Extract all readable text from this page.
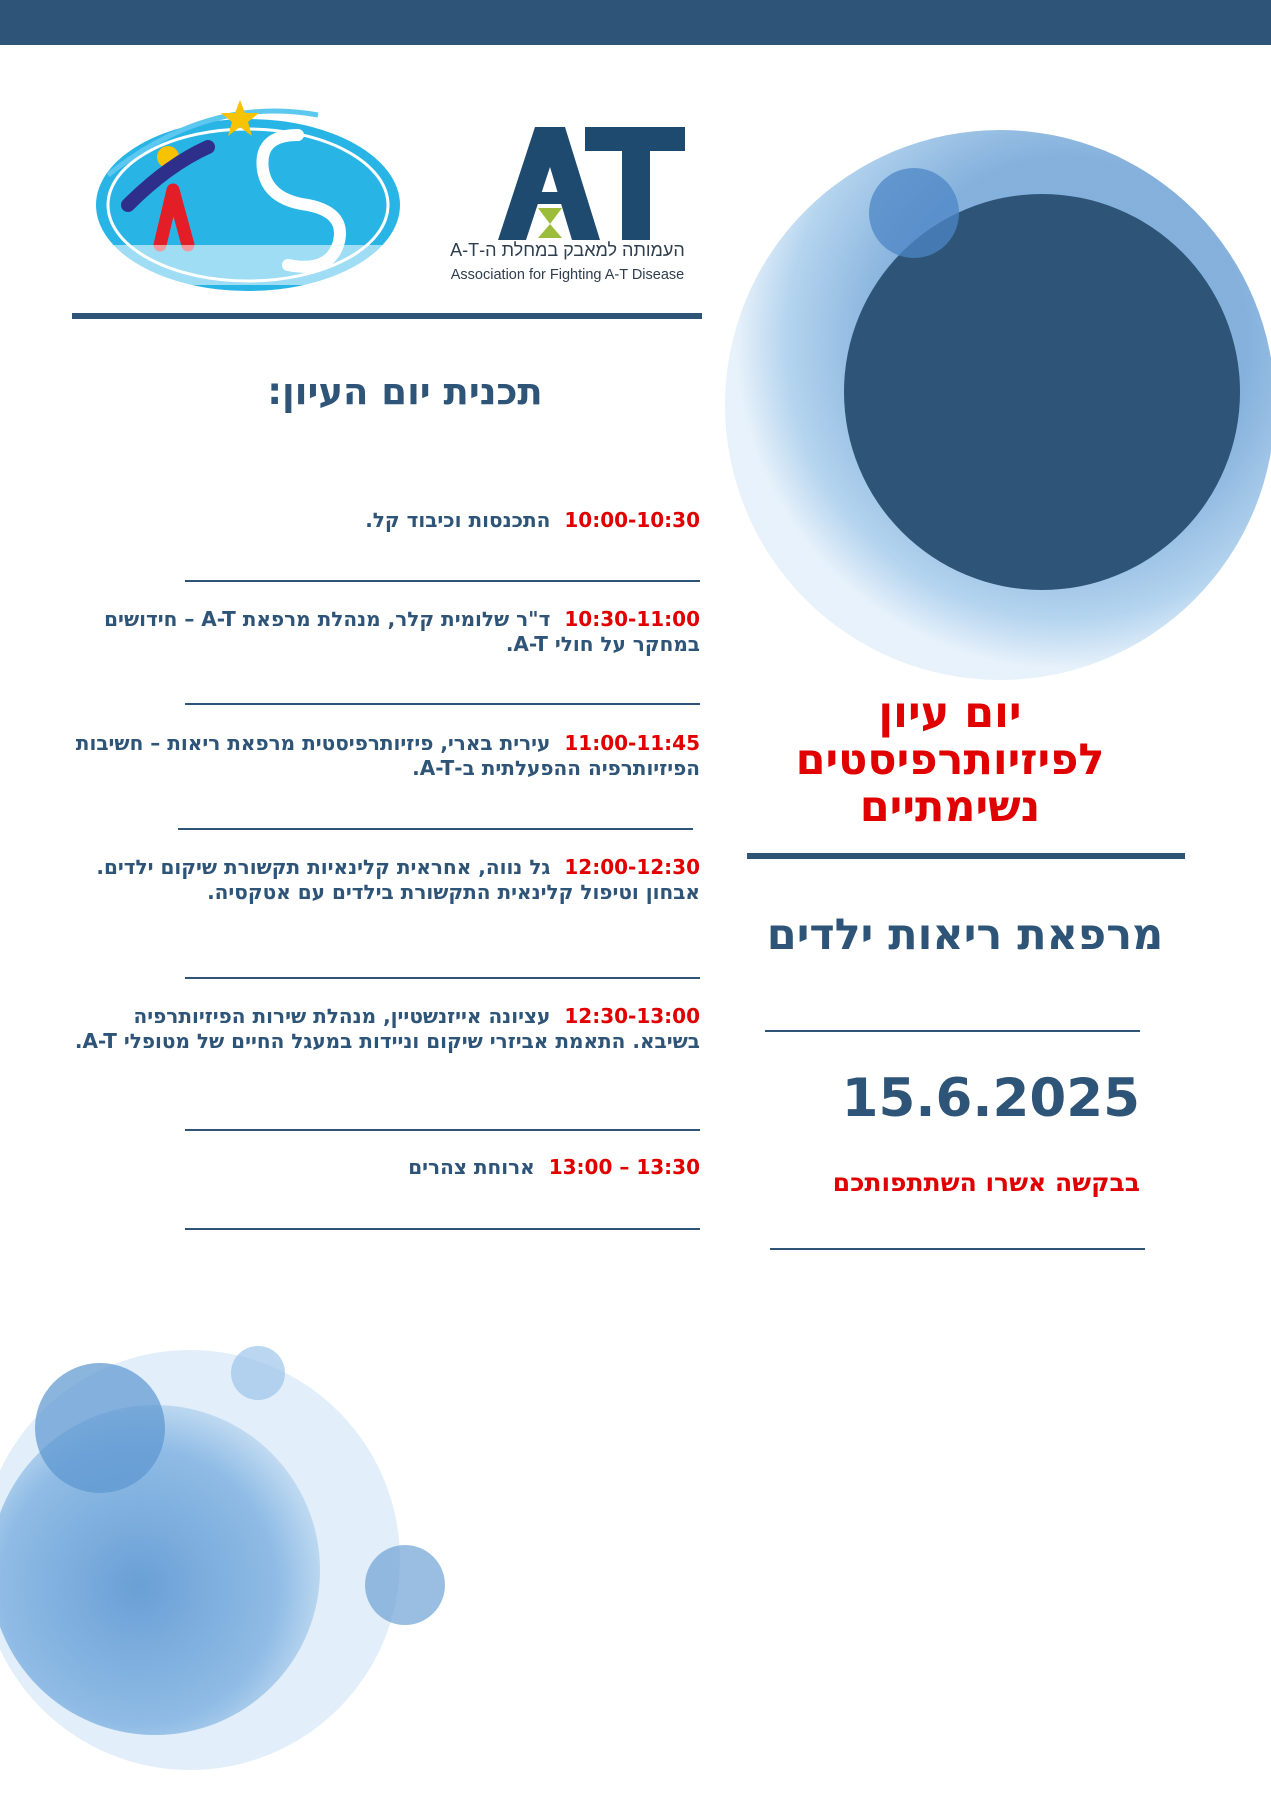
העמותה למאבק במחלת ה-A-T
Association for Fighting A-T Disease
תכנית יום העיון:
10:00-10:30התכנסות וכיבוד קל.
10:30-11:00ד"ר שלומית קלר, מנהלת מרפאת A-T – חידושים במחקר על חולי A-T.
11:00-11:45עירית בארי, פיזיותרפיסטית מרפאת ריאות – חשיבות הפיזיותרפיה ההפעלתית ב-A-T.
12:00-12:30גל נווה, אחראית קלינאיות תקשורת שיקום ילדים. אבחון וטיפול קלינאית התקשורת בילדים עם אטקסיה.
12:30-13:00עציונה אייזנשטיין, מנהלת שירות הפיזיותרפיה בשיבא. התאמת אביזרי שיקום וניידות במעגל החיים של מטופלי A-T.
13:30 – 13:00ארוחת צהרים
יום עיון
לפיזיותרפיסטים
נשימתיים
מרפאת ריאות ילדים
15.6.2025
בבקשה אשרו השתתפותכם
